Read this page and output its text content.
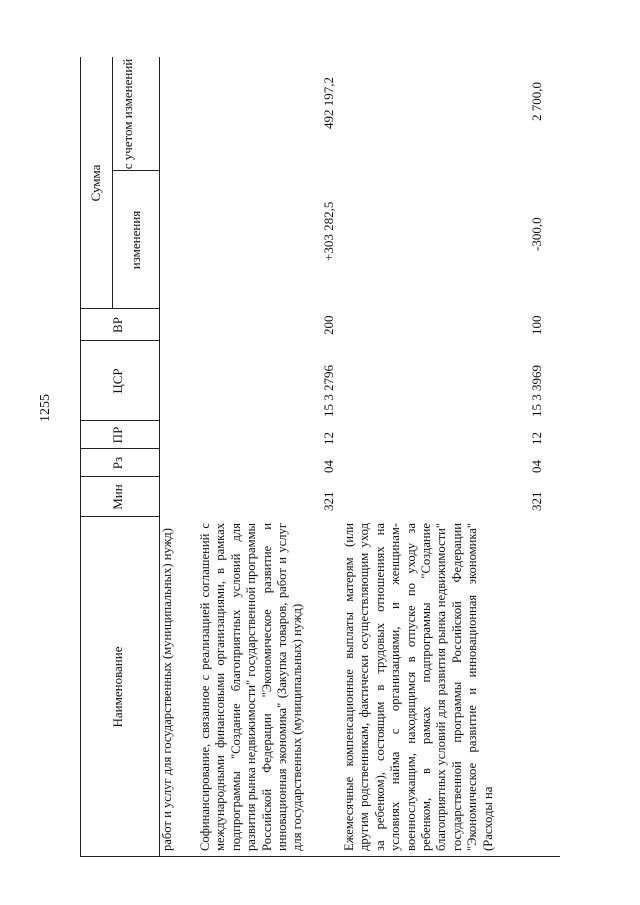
1255
Наименование
Мин
Рз
ПР
ЦСР
ВР
Сумма
изменения
с учетом изменений
работ и услуг для государственных (муниципальных) нужд) Софинансирование, связанное с реализацией соглашений с международными финансовыми организациями, в рамках подпрограммы "Создание благоприятных условий для развития рынка недвижимости" государственной программы Российской Федерации "Экономическое развитие и инновационная экономика" (Закупка товаров, работ и услуг для государственных (муниципальных) нужд)
321
04
12
15 3 2796
200
+303 282,5
492 197,2
Ежемесячные компенсационные выплаты матерям (или другим родственникам, фактически осуществляющим уход за ребенком), состоящим в трудовых отношениях на условиях найма с организациями, и женщинам-военнослужащим, находящимся в отпуске по уходу за ребенком, в рамках подпрограммы "Создание благоприятных условий для развития рынка недвижимости" государственной программы Российской Федерации "Экономическое развитие и инновационная экономика" (Расходы на
321
04
12
15 3 3969
100
-300,0
2 700,0
